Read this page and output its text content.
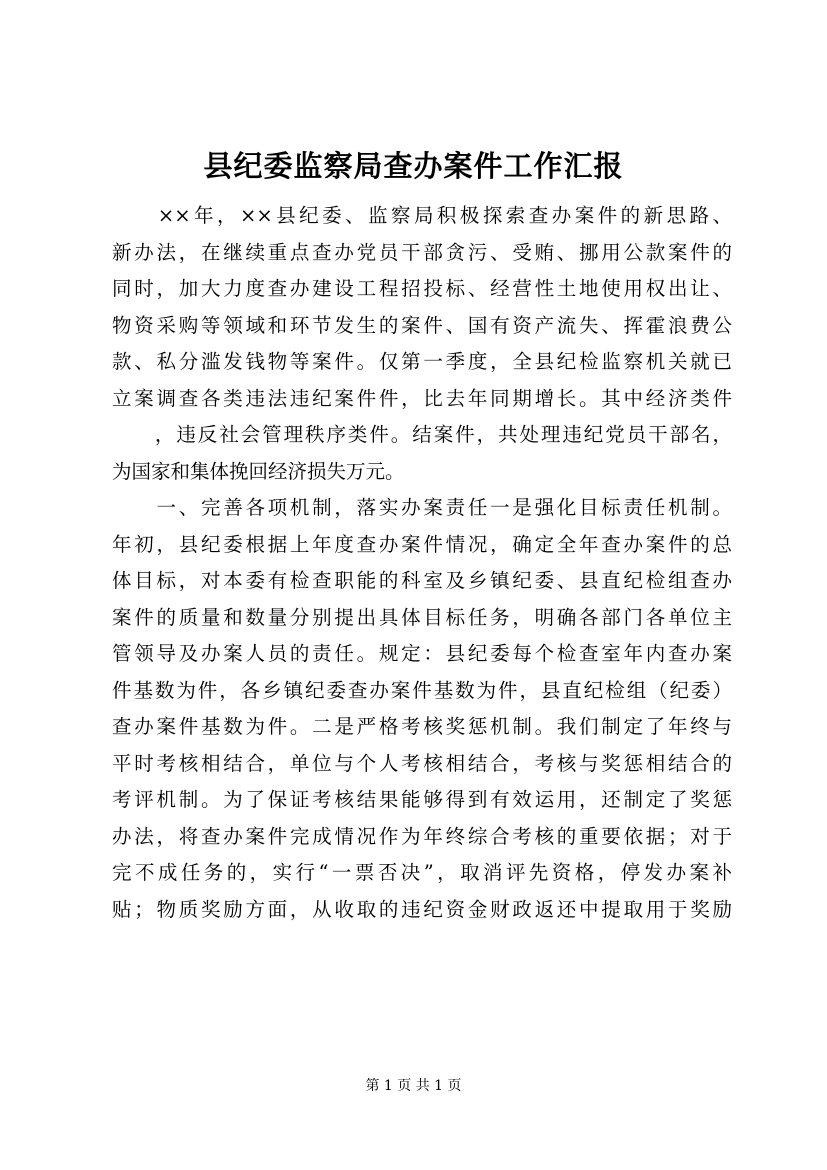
县纪委监察局查办案件工作汇报
　　××年，××县纪委、监察局积极探索查办案件的新思路、
新办法，在继续重点查办党员干部贪污、受贿、挪用公款案件的
同时，加大力度查办建设工程招投标、经营性土地使用权出让、
物资采购等领域和环节发生的案件、国有资产流失、挥霍浪费公
款、私分滥发钱物等案件。仅第一季度，全县纪检监察机关就已
立案调查各类违法违纪案件件，比去年同期增长。其中经济类件
　　，违反社会管理秩序类件。结案件，共处理违纪党员干部名，
为国家和集体挽回经济损失万元。
　　一、完善各项机制，落实办案责任一是强化目标责任机制。
年初，县纪委根据上年度查办案件情况，确定全年查办案件的总
体目标，对本委有检查职能的科室及乡镇纪委、县直纪检组查办
案件的质量和数量分别提出具体目标任务，明确各部门各单位主
管领导及办案人员的责任。规定：县纪委每个检查室年内查办案
件基数为件，各乡镇纪委查办案件基数为件，县直纪检组（纪委）
查办案件基数为件。二是严格考核奖惩机制。我们制定了年终与
平时考核相结合，单位与个人考核相结合，考核与奖惩相结合的
考评机制。为了保证考核结果能够得到有效运用，还制定了奖惩
办法，将查办案件完成情况作为年终综合考核的重要依据；对于
完不成任务的，实行“一票否决”，取消评先资格，停发办案补
贴；物质奖励方面，从收取的违纪资金财政返还中提取用于奖励
第 1 页 共 1 页
